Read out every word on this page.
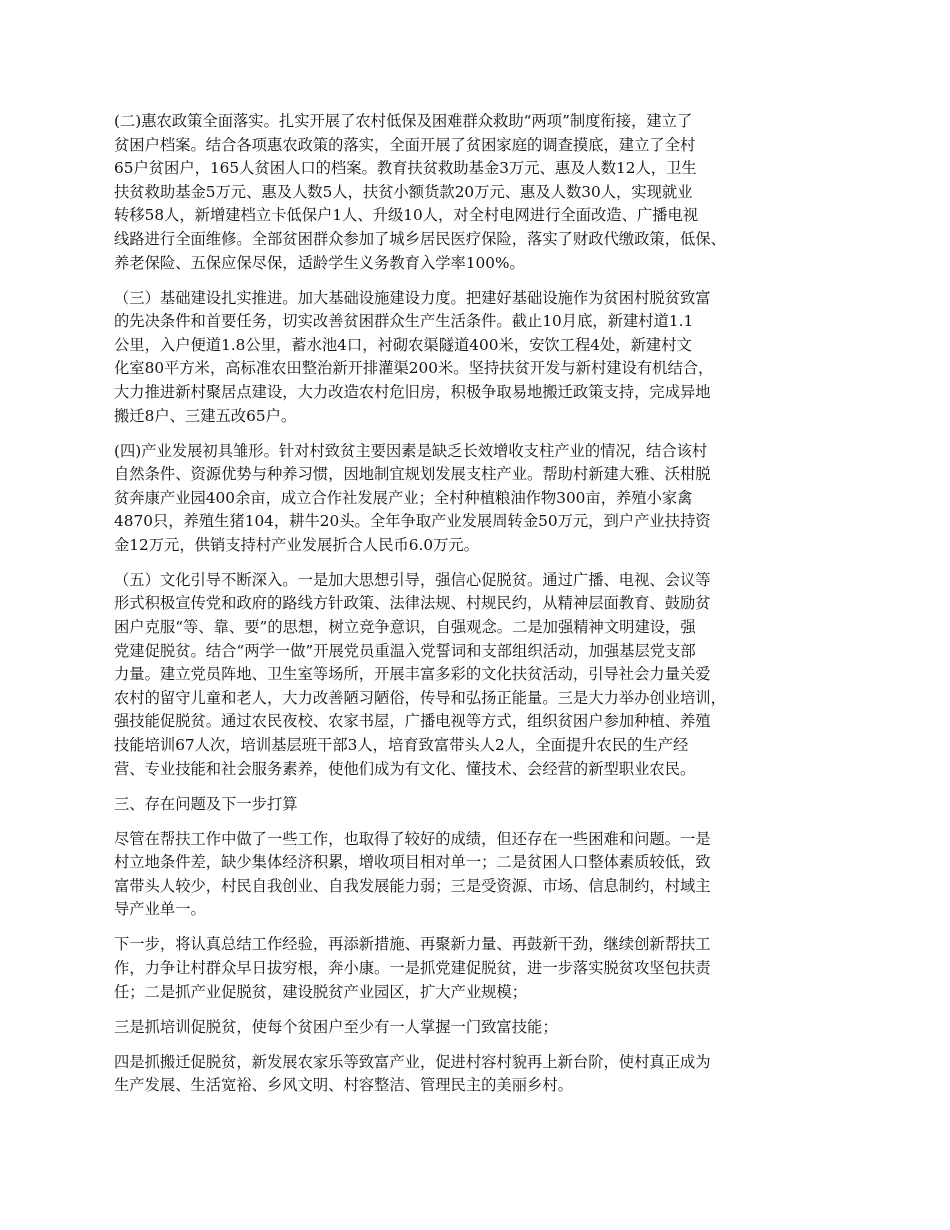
(二)惠农政策全面落实。扎实开展了农村低保及困难群众救助“两项”制度衔接，建立了
贫困户档案。结合各项惠农政策的落实，全面开展了贫困家庭的调查摸底，建立了全村
65户贫困户，165人贫困人口的档案。教育扶贫救助基金3万元、惠及人数12人，卫生
扶贫救助基金5万元、惠及人数5人，扶贫小额货款20万元、惠及人数30人，实现就业
转移58人，新增建档立卡低保户1人、升级10人，对全村电网进行全面改造、广播电视
线路进行全面维修。全部贫困群众参加了城乡居民医疗保险，落实了财政代缴政策，低保、
养老保险、五保应保尽保，适龄学生义务教育入学率100%。

（三）基础建设扎实推进。加大基础设施建设力度。把建好基础设施作为贫困村脱贫致富
的先决条件和首要任务，切实改善贫困群众生产生活条件。截止10月底，新建村道1.1
公里，入户便道1.8公里，蓄水池4口，衬砌农渠隧道400米，安饮工程4处，新建村文
化室80平方米，高标准农田整治新开排灌渠200米。坚持扶贫开发与新村建设有机结合，
大力推进新村聚居点建设，大力改造农村危旧房，积极争取易地搬迁政策支持，完成异地
搬迁8户、三建五改65户。

(四)产业发展初具雏形。针对村致贫主要因素是缺乏长效增收支柱产业的情况，结合该村
自然条件、资源优势与种养习惯，因地制宜规划发展支柱产业。帮助村新建大雅、沃柑脱
贫奔康产业园400余亩，成立合作社发展产业；全村种植粮油作物300亩，养殖小家禽
4870只，养殖生猪104，耕牛20头。全年争取产业发展周转金50万元，到户产业扶持资
金12万元，供销支持村产业发展折合人民币6.0万元。

（五）文化引导不断深入。一是加大思想引导，强信心促脱贫。通过广播、电视、会议等
形式积极宣传党和政府的路线方针政策、法律法规、村规民约，从精神层面教育、鼓励贫
困户克服“等、靠、要”的思想，树立竞争意识，自强观念。二是加强精神文明建设，强
党建促脱贫。结合“两学一做”开展党员重温入党誓词和支部组织活动，加强基层党支部
力量。建立党员阵地、卫生室等场所，开展丰富多彩的文化扶贫活动，引导社会力量关爱
农村的留守儿童和老人，大力改善陋习陋俗，传导和弘扬正能量。三是大力举办创业培训，
强技能促脱贫。通过农民夜校、农家书屋，广播电视等方式，组织贫困户参加种植、养殖
技能培训67人次，培训基层班干部3人，培育致富带头人2人，全面提升农民的生产经
营、专业技能和社会服务素养，使他们成为有文化、懂技术、会经营的新型职业农民。

三、存在问题及下一步打算

尽管在帮扶工作中做了一些工作，也取得了较好的成绩，但还存在一些困难和问题。一是
村立地条件差，缺少集体经济积累，增收项目相对单一；二是贫困人口整体素质较低，致
富带头人较少，村民自我创业、自我发展能力弱；三是受资源、市场、信息制约，村域主
导产业单一。

下一步，将认真总结工作经验，再添新措施、再聚新力量、再鼓新干劲，继续创新帮扶工
作，力争让村群众早日拔穷根，奔小康。一是抓党建促脱贫，进一步落实脱贫攻坚包扶责
任；二是抓产业促脱贫，建设脱贫产业园区，扩大产业规模；

三是抓培训促脱贫，使每个贫困户至少有一人掌握一门致富技能；

四是抓搬迁促脱贫，新发展农家乐等致富产业，促进村容村貌再上新台阶，使村真正成为
生产发展、生活宽裕、乡风文明、村容整洁、管理民主的美丽乡村。
